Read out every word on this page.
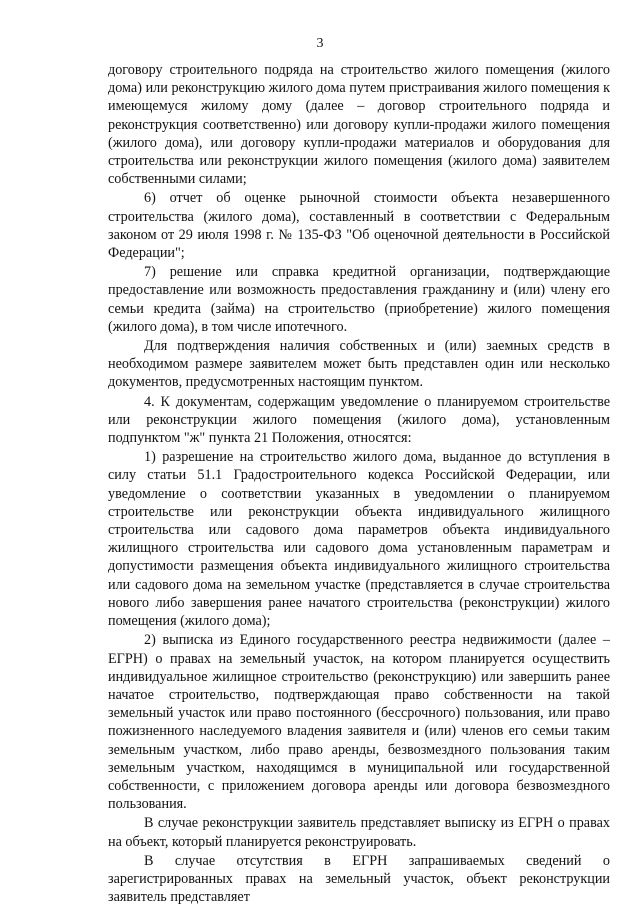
3

договору строительного подряда на строительство жилого помещения (жилого дома) или реконструкцию жилого дома путем пристраивания жилого помещения к имеющемуся жилому дому (далее – договор строительного подряда и реконструкция соответственно) или договору купли-продажи жилого помещения (жилого дома), или договору купли-продажи материалов и оборудования для строительства или реконструкции жилого помещения (жилого дома) заявителем собственными силами;

6) отчет об оценке рыночной стоимости объекта незавершенного строительства (жилого дома), составленный в соответствии с Федеральным законом от 29 июля 1998 г. № 135-ФЗ "Об оценочной деятельности в Российской Федерации";

7) решение или справка кредитной организации, подтверждающие предоставление или возможность предоставления гражданину и (или) члену его семьи кредита (займа) на строительство (приобретение) жилого помещения (жилого дома), в том числе ипотечного.

Для подтверждения наличия собственных и (или) заемных средств в необходимом размере заявителем может быть представлен один или несколько документов, предусмотренных настоящим пунктом.

4. К документам, содержащим уведомление о планируемом строительстве или реконструкции жилого помещения (жилого дома), установленным подпунктом "ж" пункта 21 Положения, относятся:

1) разрешение на строительство жилого дома, выданное до вступления в силу статьи 51.1 Градостроительного кодекса Российской Федерации, или уведомление о соответствии указанных в уведомлении о планируемом строительстве или реконструкции объекта индивидуального жилищного строительства или садового дома параметров объекта индивидуального жилищного строительства или садового дома установленным параметрам и допустимости размещения объекта индивидуального жилищного строительства или садового дома на земельном участке (представляется в случае строительства нового либо завершения ранее начатого строительства (реконструкции) жилого помещения (жилого дома);

2) выписка из Единого государственного реестра недвижимости (далее – ЕГРН) о правах на земельный участок, на котором планируется осуществить индивидуальное жилищное строительство (реконструкцию) или завершить ранее начатое строительство, подтверждающая право собственности на такой земельный участок или право постоянного (бессрочного) пользования, или право пожизненного наследуемого владения заявителя и (или) членов его семьи таким земельным участком, либо право аренды, безвозмездного пользования таким земельным участком, находящимся в муниципальной или государственной собственности, с приложением договора аренды или договора безвозмездного пользования.

В случае реконструкции заявитель представляет выписку из ЕГРН о правах на объект, который планируется реконструировать.

В случае отсутствия в ЕГРН запрашиваемых сведений о зарегистрированных правах на земельный участок, объект реконструкции заявитель представляет
